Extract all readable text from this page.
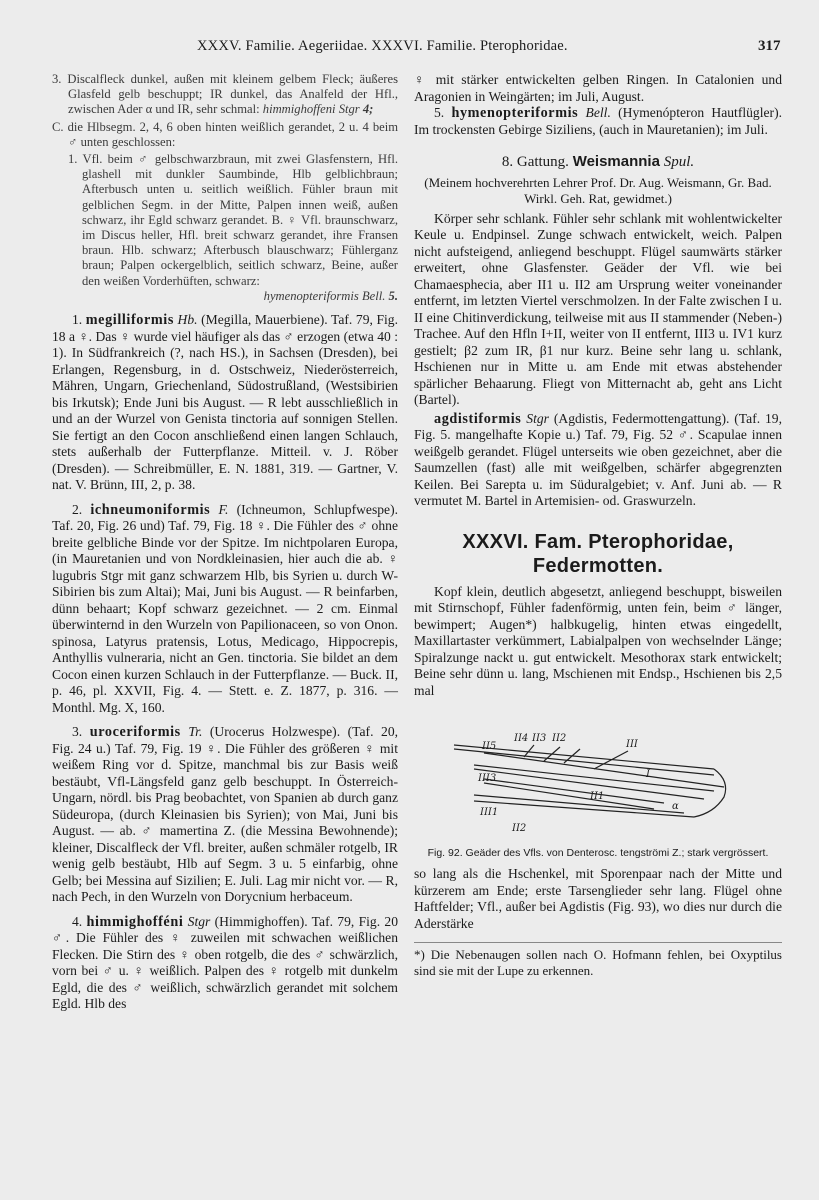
XXXV. Familie. Aegeriidae. XXXVI. Familie. Pterophoridae.	317
3. Discalfleck dunkel, außen mit kleinem gelbem Fleck; äußeres Glasfeld gelb beschuppt; IR dunkel, das Analfeld der Hfl., zwischen Ader α und IR, sehr schmal: himmighoffeni Stgr 4;
C. die Hlbsegm. 2, 4, 6 oben hinten weißlich gerandet, 2 u. 4 beim ♂ unten geschlossen:
1. Vfl. beim ♂ gelbschwarzbraun, mit zwei Glasfenstern, Hfl. glashell mit dunkler Saumbinde, Hlb gelblichbraun; Afterbusch unten u. seitlich weißlich. Fühler braun mit gelblichen Segm. in der Mitte, Palpen innen weiß, außen schwarz, ihr Egld schwarz gerandet. B. ♀ Vfl. braunschwarz, im Discus heller, Hfl. breit schwarz gerandet, ihre Fransen braun. Hlb. schwarz; Afterbusch blauschwarz; Fühlerganz braun; Palpen ockergelblich, seitlich schwarz, Beine, außer den weißen Vorderhüften, schwarz:
hymenopteriformis Bell. 5.

1. megilliformis Hb. (Megilla, Mauerbiene). Taf. 79, Fig. 18 a ♀. Das ♀ wurde viel häufiger als das ♂ erzogen (etwa 40 : 1). In Südfrankreich (?, nach HS.), in Sachsen (Dresden), bei Erlangen, Regensburg, in d. Ostschweiz, Niederösterreich, Mähren, Ungarn, Griechenland, Südostrußland, (Westsibirien bis Irkutsk); Ende Juni bis August. — R lebt ausschließlich in und an der Wurzel von Genista tinctoria auf sonnigen Stellen. Sie fertigt an den Cocon anschließend einen langen Schlauch, stets außerhalb der Futterpflanze. Mitteil. v. J. Röber (Dresden). — Schreibmüller, E. N. 1881, 319. — Gartner, V. nat. V. Brünn, III, 2, p. 38.

2. ichneumoniformis F. (Ichneumon, Schlupfwespe). Taf. 20, Fig. 26 und) Taf. 79, Fig. 18 ♀. Die Fühler des ♂ ohne breite gelbliche Binde vor der Spitze. Im nichtpolaren Europa, (in Mauretanien und von Nordkleinasien, hier auch die ab. ♀ lugubris Stgr mit ganz schwarzem Hlb, bis Syrien u. durch W-Sibirien bis zum Altai); Mai, Juni bis August. — R beinfarben, dünn behaart; Kopf schwarz gezeichnet. — 2 cm. Einmal überwinternd in den Wurzeln von Papilionaceen, so von Onon. spinosa, Latyrus pratensis, Lotus, Medicago, Hippocrepis, Anthyllis vulneraria, nicht an Gen. tinctoria. Sie bildet an dem Cocon einen kurzen Schlauch in der Futterpflanze. — Buck. II, p. 46, pl. XXVII, Fig. 4. — Stett. e. Z. 1877, p. 316. — Monthl. Mg. X, 160.

3. uroceriformis Tr. (Urocerus Holzwespe). (Taf. 20, Fig. 24 u.) Taf. 79, Fig. 19 ♀. Die Fühler des größeren ♀ mit weißem Ring vor d. Spitze, manchmal bis zur Basis weiß bestäubt, Vfl-Längsfeld ganz gelb beschuppt. In Österreich-Ungarn, nördl. bis Prag beobachtet, von Spanien ab durch ganz Südeuropa, (durch Kleinasien bis Syrien); von Mai, Juni bis August. — ab. ♂ mamertina Z. (die Messina Bewohnende); kleiner, Discalfleck der Vfl. breiter, außen schmäler rotgelb, IR wenig gelb bestäubt, Hlb auf Segm. 3 u. 5 einfarbig, ohne Gelb; bei Messina auf Sizilien; E. Juli. Lag mir nicht vor. — R, nach Pech, in den Wurzeln von Dorycnium herbaceum.

4. himmighofféni Stgr (Himmighoffen). Taf. 79, Fig. 20 ♂. Die Fühler des ♀ zuweilen mit schwachen weißlichen Flecken. Die Stirn des ♀ oben rotgelb, die des ♂ schwärzlich, vorn bei ♂ u. ♀ weißlich. Palpen des ♀ rotgelb mit dunkelm Egld, die des ♂ weißlich, schwärzlich gerandet mit solchem Egld. Hlb des

♀ mit stärker entwickelten gelben Ringen. In Catalonien und Aragonien in Weingärten; im Juli, August.

5. hymenopteriformis Bell. (Hymenópteron Hautflügler). Im trockensten Gebirge Siziliens, (auch in Mauretanien); im Juli.

8. Gattung. Weismannia Spul.

(Meinem hochverehrten Lehrer Prof. Dr. Aug. Weismann, Gr. Bad. Wirkl. Geh. Rat, gewidmet.)

Körper sehr schlank. Fühler sehr schlank mit wohlentwickelter Keule u. Endpinsel. Zunge schwach entwickelt, weich. Palpen nicht aufsteigend, anliegend beschuppt. Flügel saumwärts stärker erweitert, ohne Glasfenster. Geäder der Vfl. wie bei Chamaesphecia, aber II1 u. II2 am Ursprung weiter voneinander entfernt, im letzten Viertel verschmolzen. In der Falte zwischen I u. II eine Chitinverdickung, teilweise mit aus II stammender (Neben-) Trachee. Auf den Hfln I+II, weiter von II entfernt, III3 u. IV1 kurz gestielt; β2 zum IR, β1 nur kurz. Beine sehr lang u. schlank, Hschienen nur in Mitte u. am Ende mit etwas abstehender spärlicher Behaarung. Fliegt von Mitternacht ab, geht ans Licht (Bartel).

agdistiformis Stgr (Agdistis, Federmottengattung). (Taf. 19, Fig. 5. mangelhafte Kopie u.) Taf. 79, Fig. 52 ♂. Scapulae innen weißgelb gerandet. Flügel unterseits wie oben gezeichnet, aber die Saumzellen (fast) alle mit weißgelben, schärfer abgegrenzten Keilen. Bei Sarepta u. im Süduralgebiet; v. Anf. Juni ab. — R vermutet M. Bartel in Artemisien- od. Graswurzeln.

XXXVI. Fam. Pterophoridae, Federmotten.

Kopf klein, deutlich abgesetzt, anliegend beschuppt, bisweilen mit Stirnschopf, Fühler fadenförmig, unten fein, beim ♂ länger, bewimpert; Augen*) halbkugelig, hinten etwas eingedellt, Maxillartaster verkümmert, Labialpalpen von wechselnder Länge; Spiralzunge nackt u. gut entwickelt. Mesothorax stark entwickelt; Beine sehr dünn u. lang, Mschienen mit Endsp., Hschienen bis 2,5 mal

II5
II4 II3 II2
III
III3	I
III1
II1
α
II2
Fig. 92. Geäder des Vfls. von Denterosc. tengströmi Z.; stark vergrössert.

so lang als die Hschenkel, mit Sporenpaar nach der Mitte und kürzerem am Ende; erste Tarsenglieder sehr lang. Flügel ohne Haftfelder; Vfl., außer bei Agdistis (Fig. 93), wo dies nur durch die Aderstärke

*) Die Nebenaugen sollen nach O. Hofmann fehlen, bei Oxyptilus sind sie mit der Lupe zu erkennen.
